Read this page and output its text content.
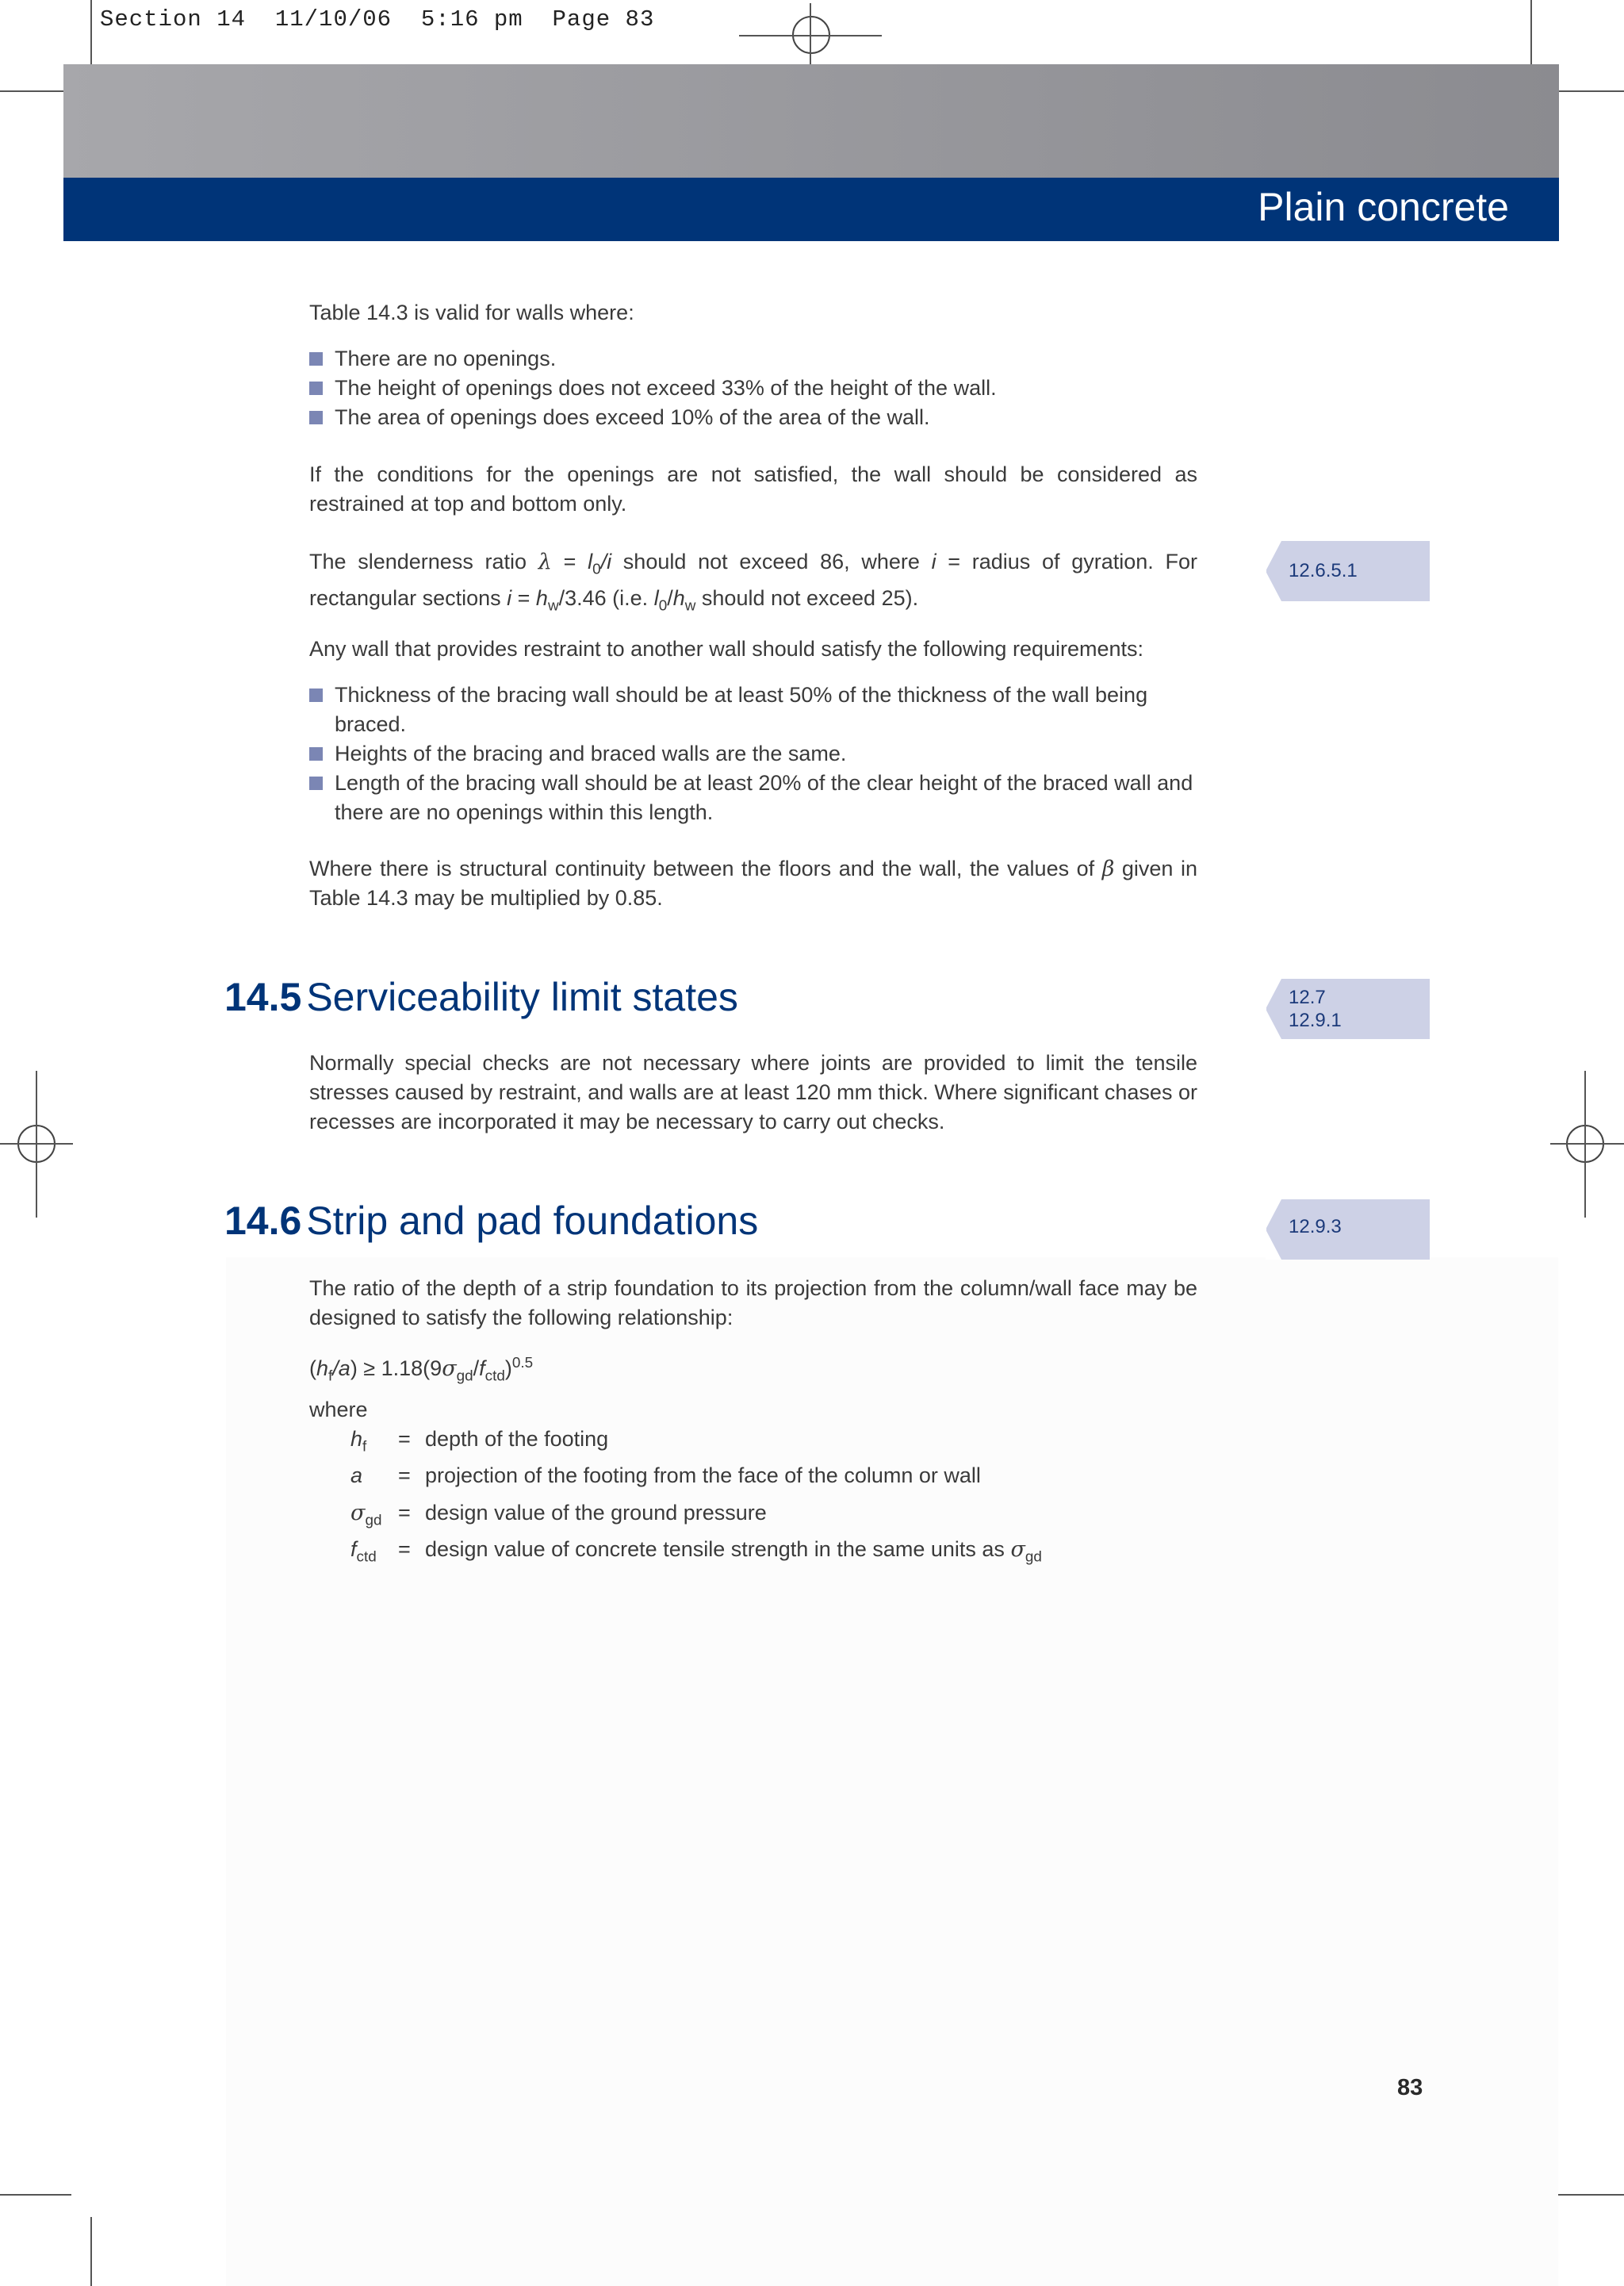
Section 14 11/10/06 5:16 pm Page 83
Plain concrete
12.6.5.1
12.7
12.9.1
12.9.3

Table 14.3 is valid for walls where:

There are no openings.
The height of openings does not exceed 33% of the height of the wall.
The area of openings does exceed 10% of the area of the wall.

If the conditions for the openings are not satisfied, the wall should be considered as restrained at top and bottom only.

The slenderness ratio $\lambda = l_0/i$ should not exceed 86, where i = radius of gyration. For rectangular sections $i = h_w/3.46$ (i.e. $l_0/h_w$ should not exceed 25).

Any wall that provides restraint to another wall should satisfy the following requirements:

Thickness of the bracing wall should be at least 50% of the thickness of the wall being braced.
Heights of the bracing and braced walls are the same.
Length of the bracing wall should be at least 20% of the clear height of the braced wall and there are no openings within this length.

Where there is structural continuity between the floors and the wall, the values of β given in Table 14.3 may be multiplied by 0.85.

14.5 Serviceability limit states

Normally special checks are not necessary where joints are provided to limit the tensile stresses caused by restraint, and walls are at least 120 mm thick. Where significant chases or recesses are incorporated it may be necessary to carry out checks.

14.6 Strip and pad foundations

The ratio of the depth of a strip foundation to its projection from the column/wall face may be designed to satisfy the following relationship:

$(h_f/a) \ge 1.18(9\sigma_{gd}/f_{ctd})^{0.5}$

where

$h_f$	= depth of the footing
a	= projection of the footing from the face of the column or wall
$\sigma_{gd}$ = design value of the ground pressure
$f_{ctd}$	= design value of concrete tensile strength in the same units as $\sigma_{gd}$
83
